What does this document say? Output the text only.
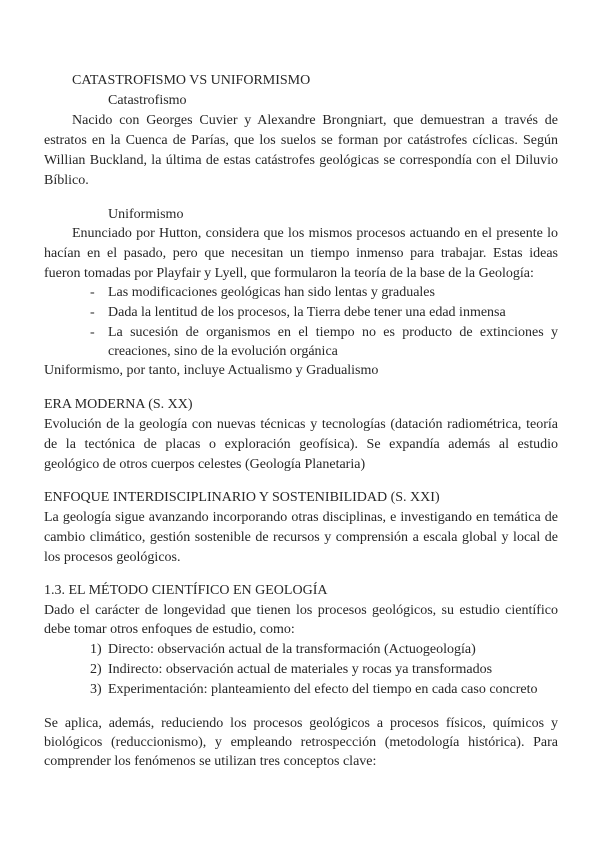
CATASTROFISMO VS UNIFORMISMO
Catastrofismo
Nacido con Georges Cuvier y Alexandre Brongniart, que demuestran a través de
estratos en la Cuenca de Parías, que los suelos se forman por catástrofes cíclicas. Según
Willian Buckland, la última de estas catástrofes geológicas se correspondía con el Diluvio
Bíblico.
Uniformismo
Enunciado por Hutton, considera que los mismos procesos actuando en el presente lo
hacían en el pasado, pero que necesitan un tiempo inmenso para trabajar. Estas ideas
fueron tomadas por Playfair y Lyell, que formularon la teoría de la base de la Geología:
- Las modificaciones geológicas han sido lentas y graduales
- Dada la lentitud de los procesos, la Tierra debe tener una edad inmensa
- La sucesión de organismos en el tiempo no es producto de extinciones y
creaciones, sino de la evolución orgánica
Uniformismo, por tanto, incluye Actualismo y Gradualismo
ERA MODERNA (S. XX)
Evolución de la geología con nuevas técnicas y tecnologías (datación radiométrica, teoría
de la tectónica de placas o exploración geofísica). Se expandía además al estudio
geológico de otros cuerpos celestes (Geología Planetaria)
ENFOQUE INTERDISCIPLINARIO Y SOSTENIBILIDAD (S. XXI)
La geología sigue avanzando incorporando otras disciplinas, e investigando en temática de
cambio climático, gestión sostenible de recursos y comprensión a escala global y local de
los procesos geológicos.
1.3. EL MÉTODO CIENTÍFICO EN GEOLOGÍA
Dado el carácter de longevidad que tienen los procesos geológicos, su estudio científico
debe tomar otros enfoques de estudio, como:
1) Directo: observación actual de la transformación (Actuogeología)
2) Indirecto: observación actual de materiales y rocas ya transformados
3) Experimentación: planteamiento del efecto del tiempo en cada caso concreto
Se aplica, además, reduciendo los procesos geológicos a procesos físicos, químicos y
biológicos (reduccionismo), y empleando retrospección (metodología histórica). Para
comprender los fenómenos se utilizan tres conceptos clave:
